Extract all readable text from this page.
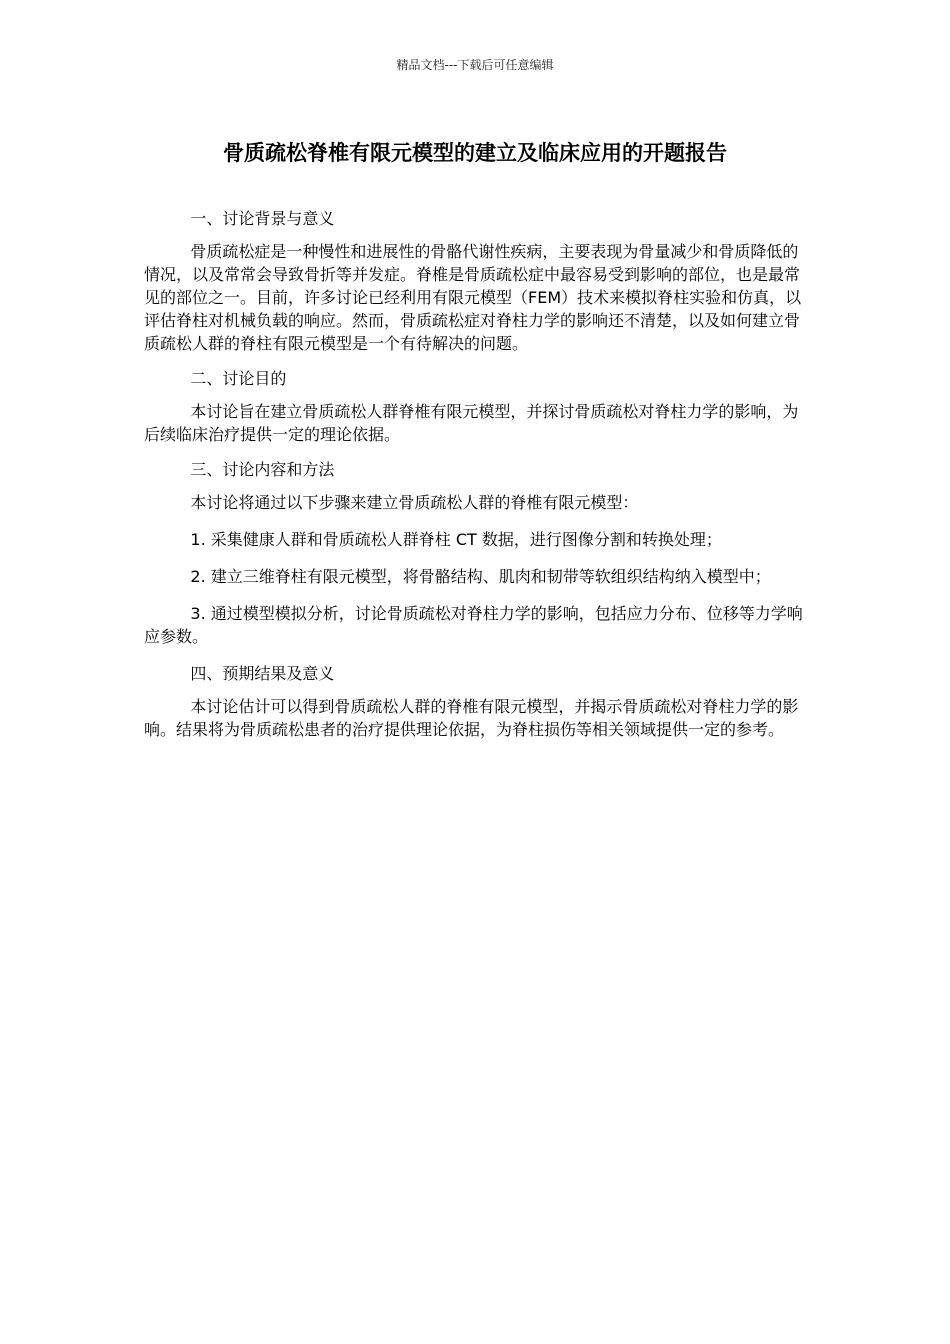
精品文档---下载后可任意编辑
骨质疏松脊椎有限元模型的建立及临床应用的开题报告

一、讨论背景与意义

骨质疏松症是一种慢性和进展性的骨骼代谢性疾病，主要表现为骨量减少和骨质降低的情况，以及常常会导致骨折等并发症。脊椎是骨质疏松症中最容易受到影响的部位，也是最常见的部位之一。目前，许多讨论已经利用有限元模型（FEM）技术来模拟脊柱实验和仿真，以评估脊柱对机械负载的响应。然而，骨质疏松症对脊柱力学的影响还不清楚，以及如何建立骨质疏松人群的脊柱有限元模型是一个有待解决的问题。

二、讨论目的

本讨论旨在建立骨质疏松人群脊椎有限元模型，并探讨骨质疏松对脊柱力学的影响，为后续临床治疗提供一定的理论依据。

三、讨论内容和方法

本讨论将通过以下步骤来建立骨质疏松人群的脊椎有限元模型：

1. 采集健康人群和骨质疏松人群脊柱 CT 数据，进行图像分割和转换处理；

2. 建立三维脊柱有限元模型，将骨骼结构、肌肉和韧带等软组织结构纳入模型中；

3. 通过模型模拟分析，讨论骨质疏松对脊柱力学的影响，包括应力分布、位移等力学响应参数。

四、预期结果及意义

本讨论估计可以得到骨质疏松人群的脊椎有限元模型，并揭示骨质疏松对脊柱力学的影响。结果将为骨质疏松患者的治疗提供理论依据，为脊柱损伤等相关领域提供一定的参考。
